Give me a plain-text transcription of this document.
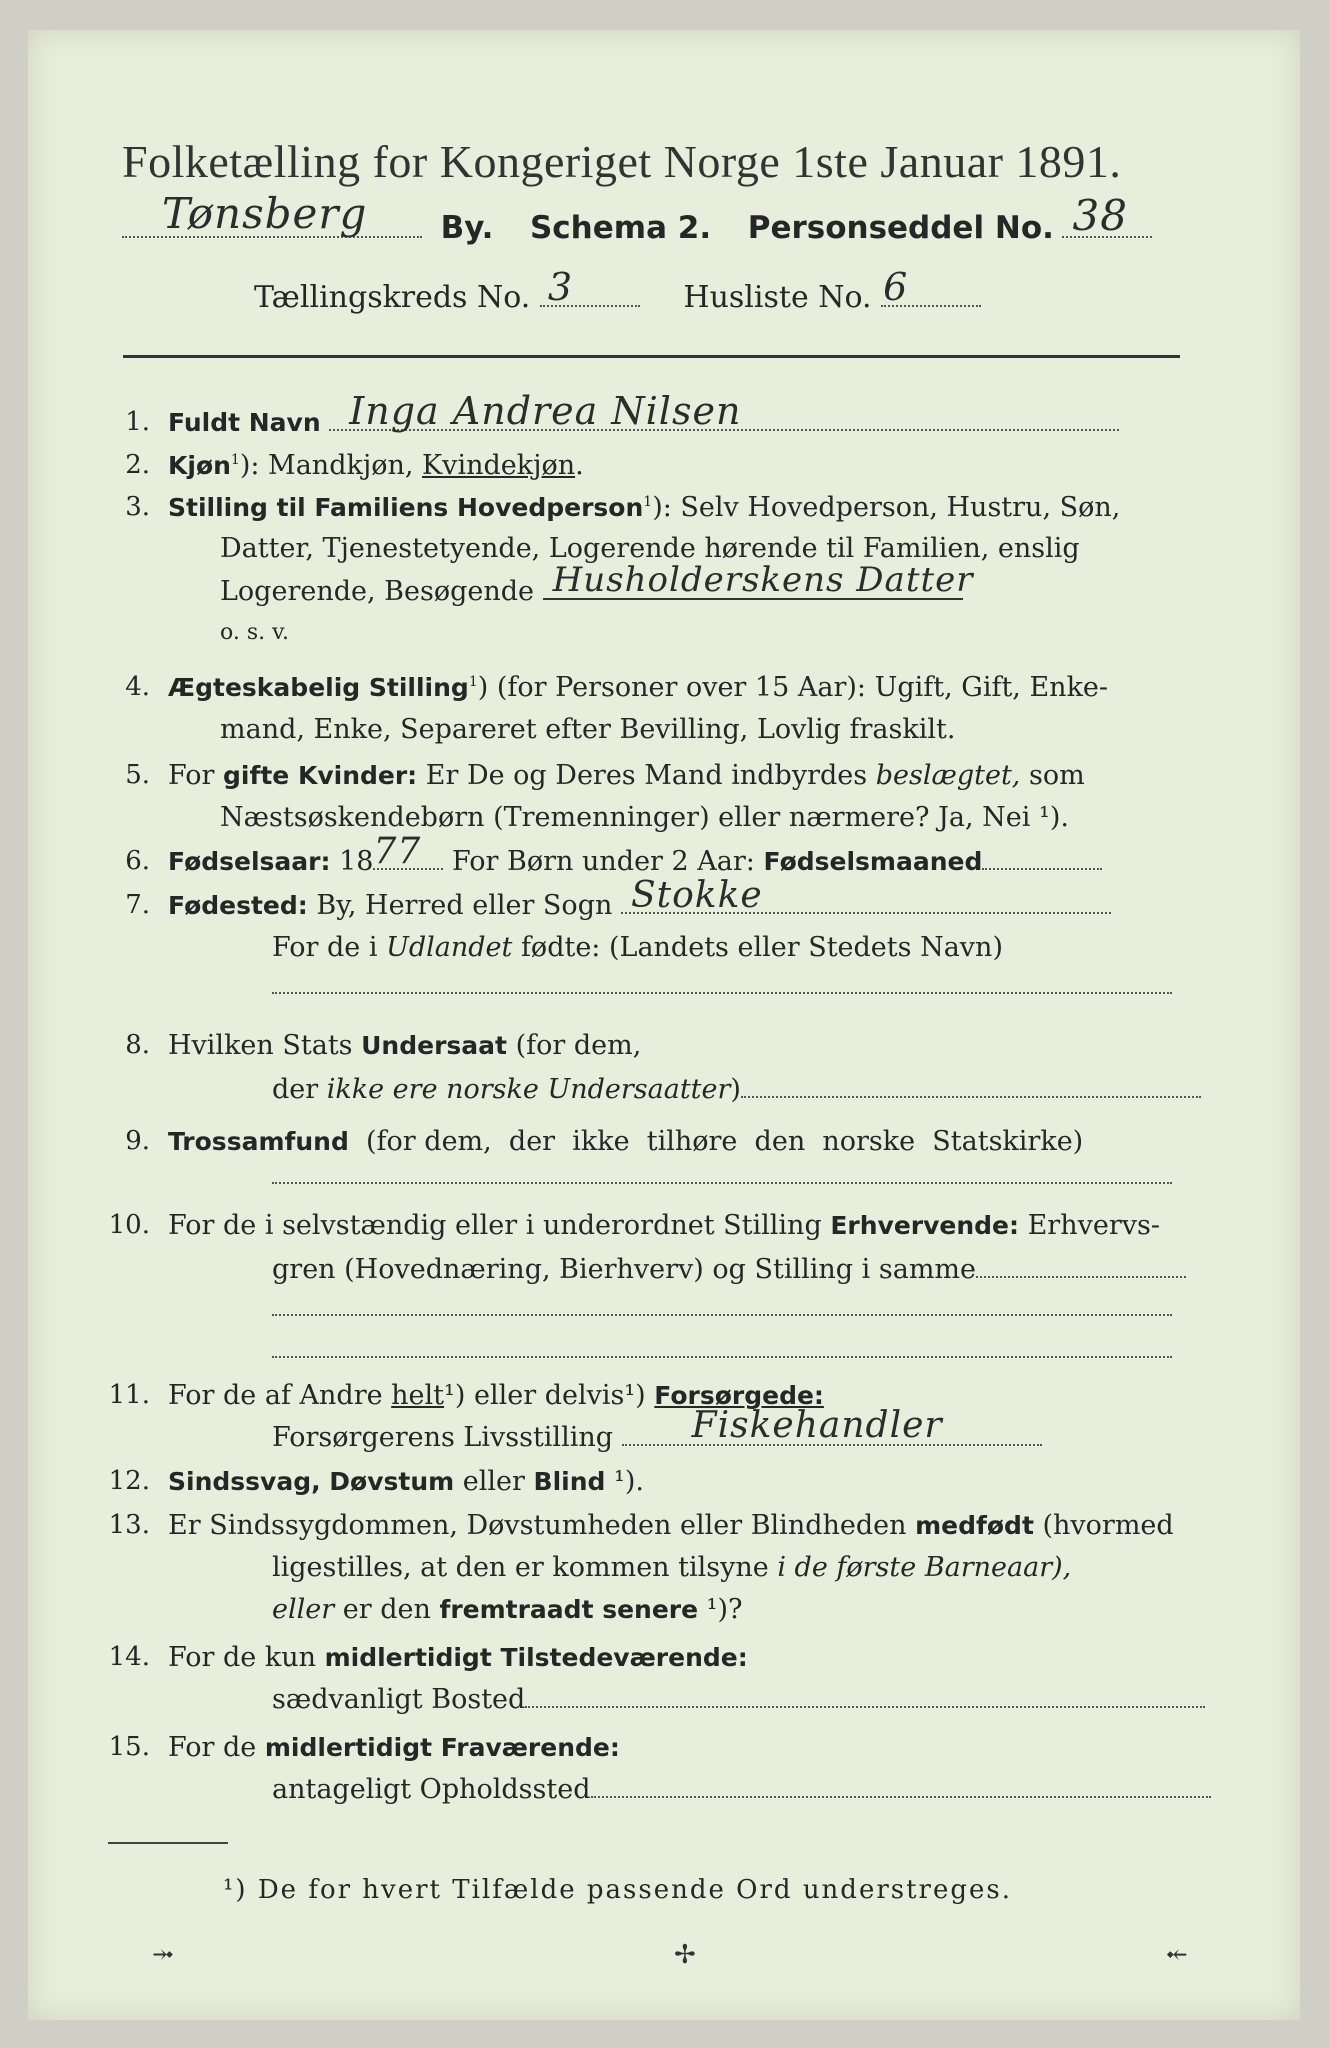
Folketælling for Kongeriget Norge 1ste Januar 1891.
Tønsberg By. Schema 2. Personseddel No. 38
Tællingskreds No. 3	Husliste No. 6
1. Fuldt Navn Inga Andrea Nilsen
2. Kjøn$^1$): Mandkjøn, Kvindekjøn.
3. Stilling til Familiens Hovedperson$^1$): Selv Hovedperson, Hustru, Søn,
Datter, Tjenestetyende, Logerende hørende til Familien, enslig
Logerende, Besøgende Husholderskens Datter
o. s. v.
4. Ægteskabelig Stilling$^1$) (for Personer over 15 Aar): Ugift, Gift, Enke-
mand, Enke, Separeret efter Bevilling, Lovlig fraskilt.
5. For gifte Kvinder: Er De og Deres Mand indbyrdes beslægtet, som
Næstsøskendebørn (Tremenninger) eller nærmere? Ja, Nei ¹).
6. Fødselsaar: 18 77 For Børn under 2 Aar: Fødselsmaaned
7. Fødested: By, Herred eller Sogn Stokke
For de i Udlandet fødte: (Landets eller Stedets Navn)
8. Hvilken Stats Undersaat (for dem,
der ikke ere norske Undersaatter)
9. Trossamfund  (for dem,  der  ikke  tilhøre  den  norske  Statskirke)
10. For de i selvstændig eller i underordnet Stilling Erhvervende: Erhvervs-
gren (Hovednæring, Bierhverv) og Stilling i samme
11. For de af Andre helt¹) eller delvis¹) Forsørgede:
Forsørgerens Livsstilling Fiskehandler
12. Sindssvag, Døvstum eller Blind ¹).
13. Er Sindssygdommen, Døvstumheden eller Blindheden medfødt (hvormed
ligestilles, at den er kommen tilsyne i de første Barneaar),
eller er den fremtraadt senere ¹)?
14. For de kun midlertidigt Tilstedeværende:
sædvanligt Bosted
15. For de midlertidigt Fraværende:
antageligt Opholdssted
¹) De for hvert Tilfælde passende Ord understreges.
⤞	✢	⤝
